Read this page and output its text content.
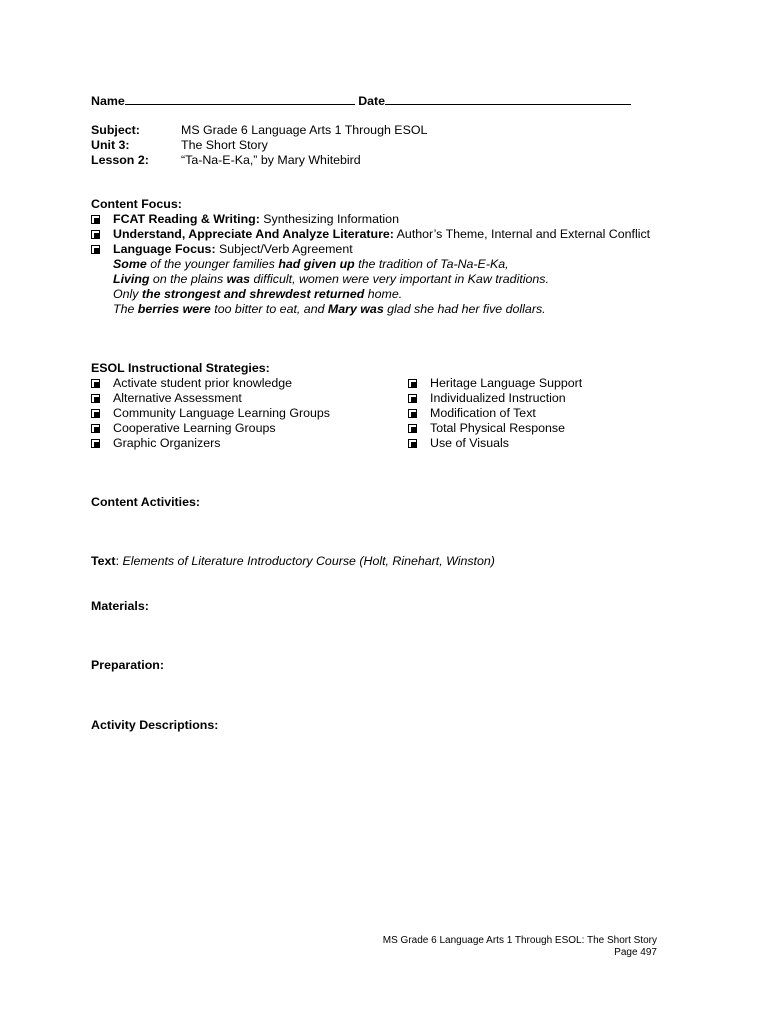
Name	Date
Subject:	MS Grade 6 Language Arts 1 Through ESOL
Unit 3:	The Short Story
Lesson 2:	“Ta-Na-E-Ka,” by Mary Whitebird
Content Focus:
FCAT Reading & Writing: Synthesizing Information
Understand, Appreciate And Analyze Literature: Author’s Theme, Internal and External Conflict
Language Focus: Subject/Verb Agreement
Some of the younger families had given up the tradition of Ta-Na-E-Ka,
Living on the plains was difficult, women were very important in Kaw traditions.
Only the strongest and shrewdest returned home.
The berries were too bitter to eat, and Mary was glad she had her five dollars.
ESOL Instructional Strategies:
Activate student prior knowledge
Alternative Assessment
Community Language Learning Groups
Cooperative Learning Groups
Graphic Organizers
Heritage Language Support
Individualized Instruction
Modification of Text
Total Physical Response
Use of Visuals
Content Activities:
Text: Elements of Literature Introductory Course (Holt, Rinehart, Winston)
Materials:
Preparation:
Activity Descriptions:
MS Grade 6 Language Arts 1 Through ESOL: The Short Story
Page 497
